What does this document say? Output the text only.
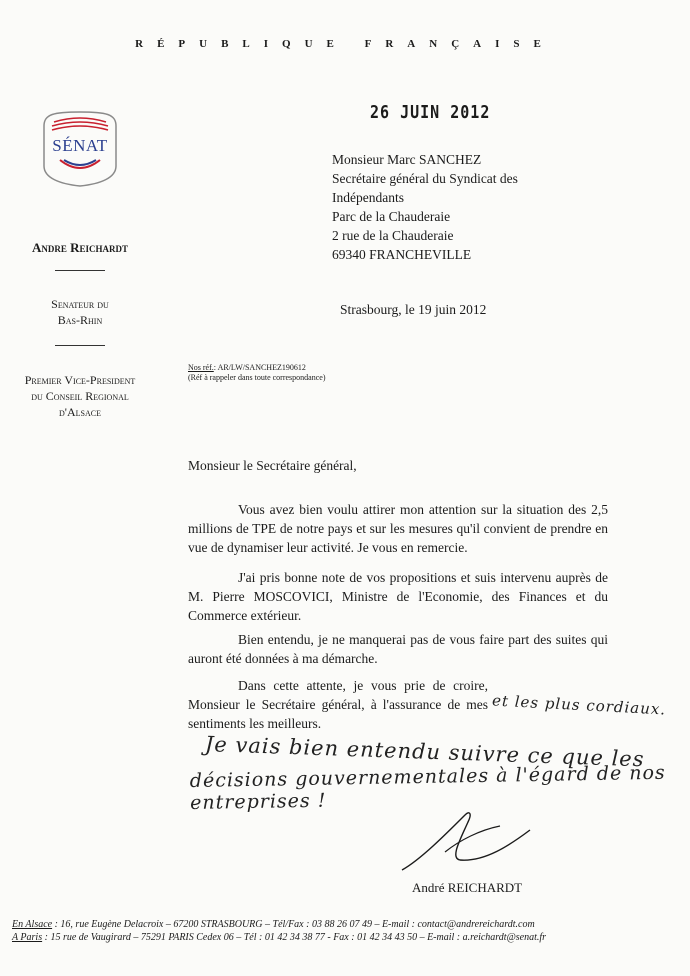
RÉPUBLIQUE FRANÇAISE
26 JUIN 2012
SÉNAT
Andre Reichardt
Senateur du
Bas-Rhin
Premier Vice-President
du Conseil Regional
d'Alsace
Monsieur Marc SANCHEZ
Secrétaire général du Syndicat des
Indépendants
Parc de la Chauderaie
2 rue de la Chauderaie
69340 FRANCHEVILLE
Strasbourg, le 19 juin 2012
Nos réf.: AR/LW/SANCHEZ190612
(Réf à rappeler dans toute correspondance)
Monsieur le Secrétaire général,
Vous avez bien voulu attirer mon attention sur la situation des 2,5 millions de TPE de notre pays et sur les mesures qu'il convient de prendre en vue de dynamiser leur activité. Je vous en remercie.
J'ai pris bonne note de vos propositions et suis intervenu auprès de M. Pierre MOSCOVICI, Ministre de l'Economie, des Finances et du Commerce extérieur.
Bien entendu, je ne manquerai pas de vous faire part des suites qui auront été données à ma démarche.
Dans cette attente, je vous prie de croire, Monsieur le Secrétaire général, à l'assurance de mes sentiments les meilleurs.
et les plus cordiaux.
Je vais bien entendu suivre ce que les
décisions gouvernementales à l'égard de nos entreprises !
André REICHARDT
En Alsace : 16, rue Eugène Delacroix – 67200 STRASBOURG – Tél/Fax : 03 88 26 07 49 – E-mail : contact@andrereichardt.com
A Paris : 15 rue de Vaugirard – 75291 PARIS Cedex 06 – Tél : 01 42 34 38 77 - Fax : 01 42 34 43 50 – E-mail : a.reichardt@senat.fr
